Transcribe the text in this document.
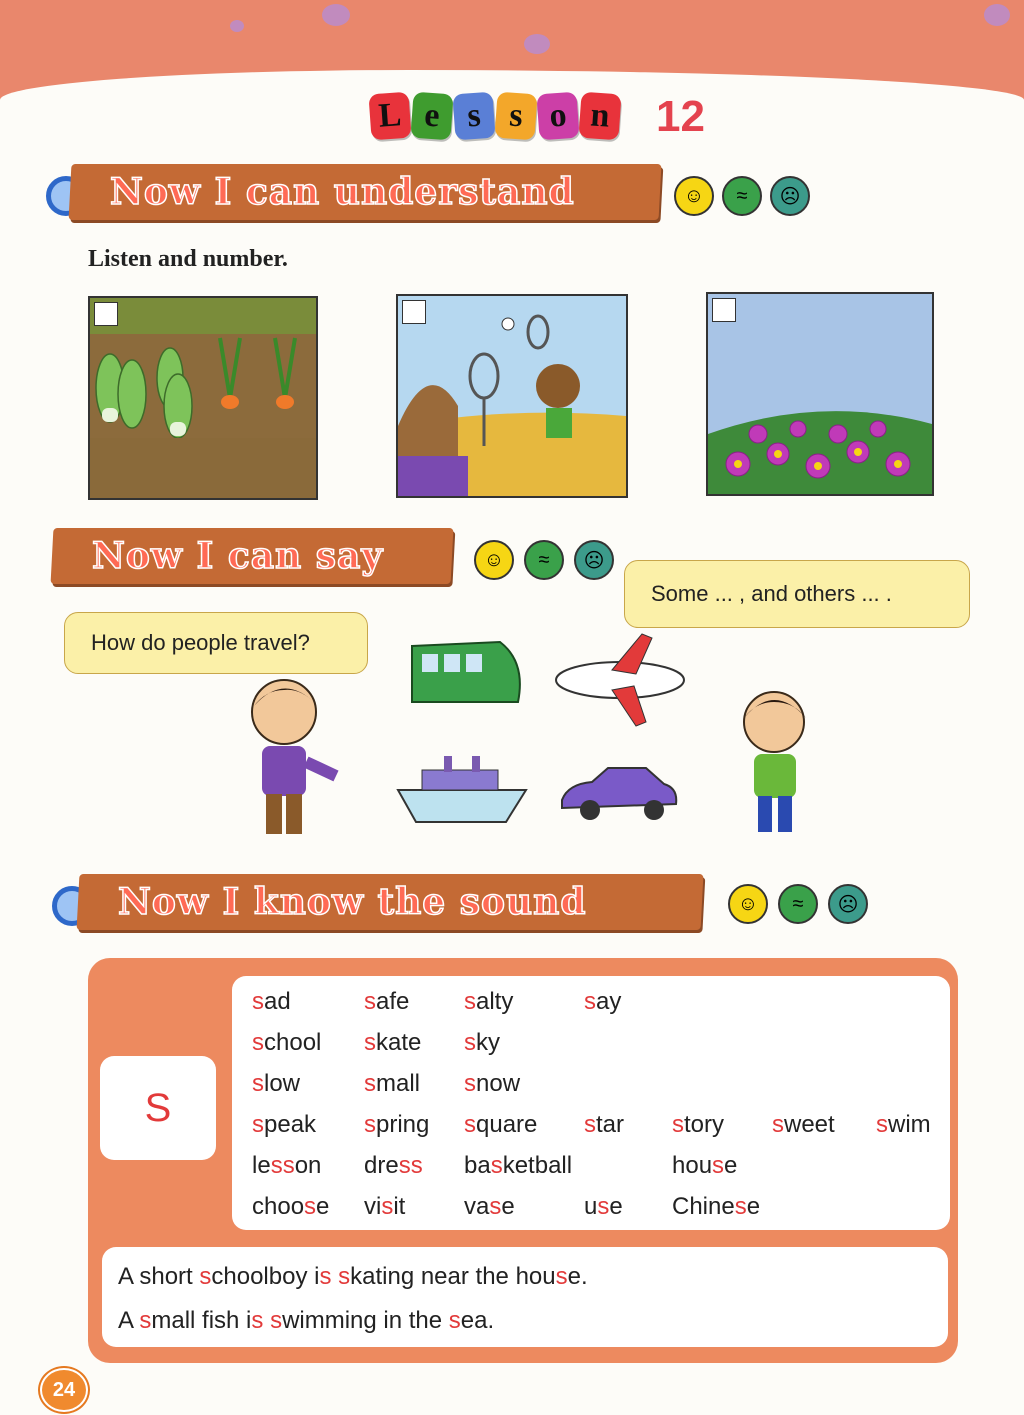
L e s s o n 12
Now I can understand	☺	≈	☹
Listen and number.
Now I can say	☺	≈	☹
How do people travel?
Some ... , and others ... .
Now I know the sound	☺	≈	☹
sad	safe salty	say
school skate sky
slow	small snow
speak spring square star story sweet swim
lesson dress basketball	house
choose visit vase	use Chinese
S
A short schoolboy is skating near the house.
A small fish is swimming in the sea.
24
